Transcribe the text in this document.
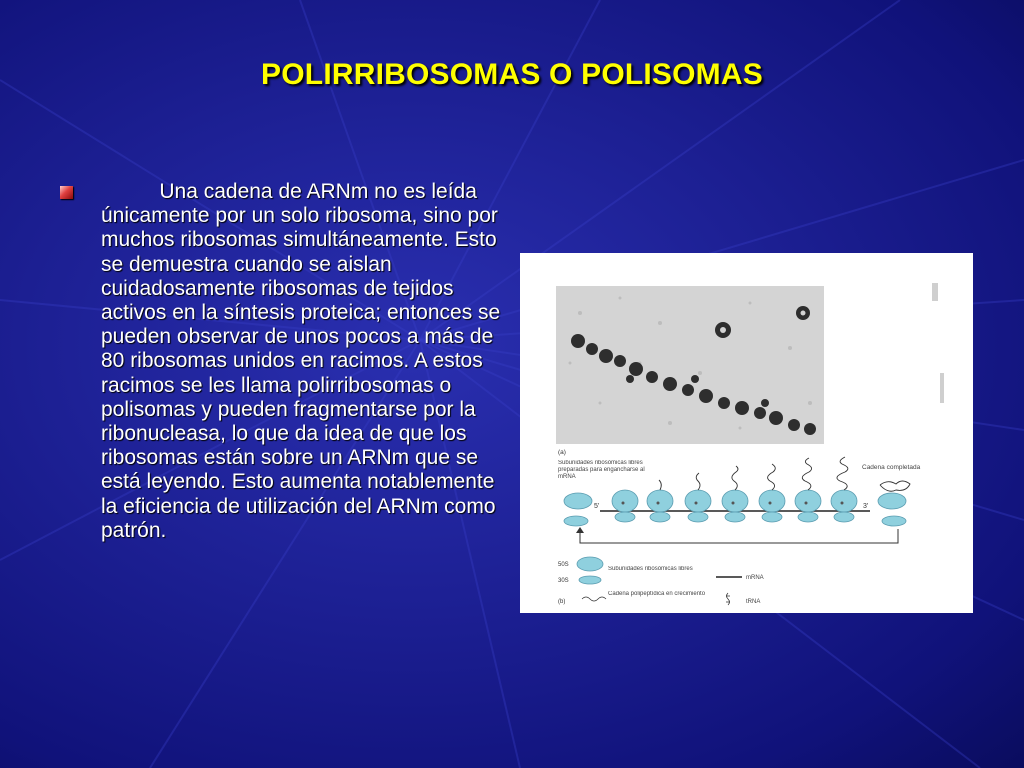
POLIRRIBOSOMAS O POLISOMAS
Una cadena de ARNm no es leída únicamente por un solo ribosoma, sino por muchos ribosomas simultáneamente. Esto se demuestra cuando se aislan cuidadosamente ribosomas de tejidos activos en la síntesis proteica; entonces se pueden observar de unos pocos a más de 80 ribosomas unidos en racimos. A estos racimos se les llama polirribosomas o polisomas y pueden fragmentarse por la ribonucleasa, lo que da idea de que los ribosomas están sobre un ARNm que se está leyendo. Esto aumenta notablemente la eficiencia de utilización del ARNm como patrón.
(a)
Subunidades ribosómicas libres preparadas para engancharse al mRNA
Cadena completada
5'	3'
50S
30S
(b)
Subunidades ribosómicas libres
Cadena polipeptídica en crecimiento
mRNA
tRNA
